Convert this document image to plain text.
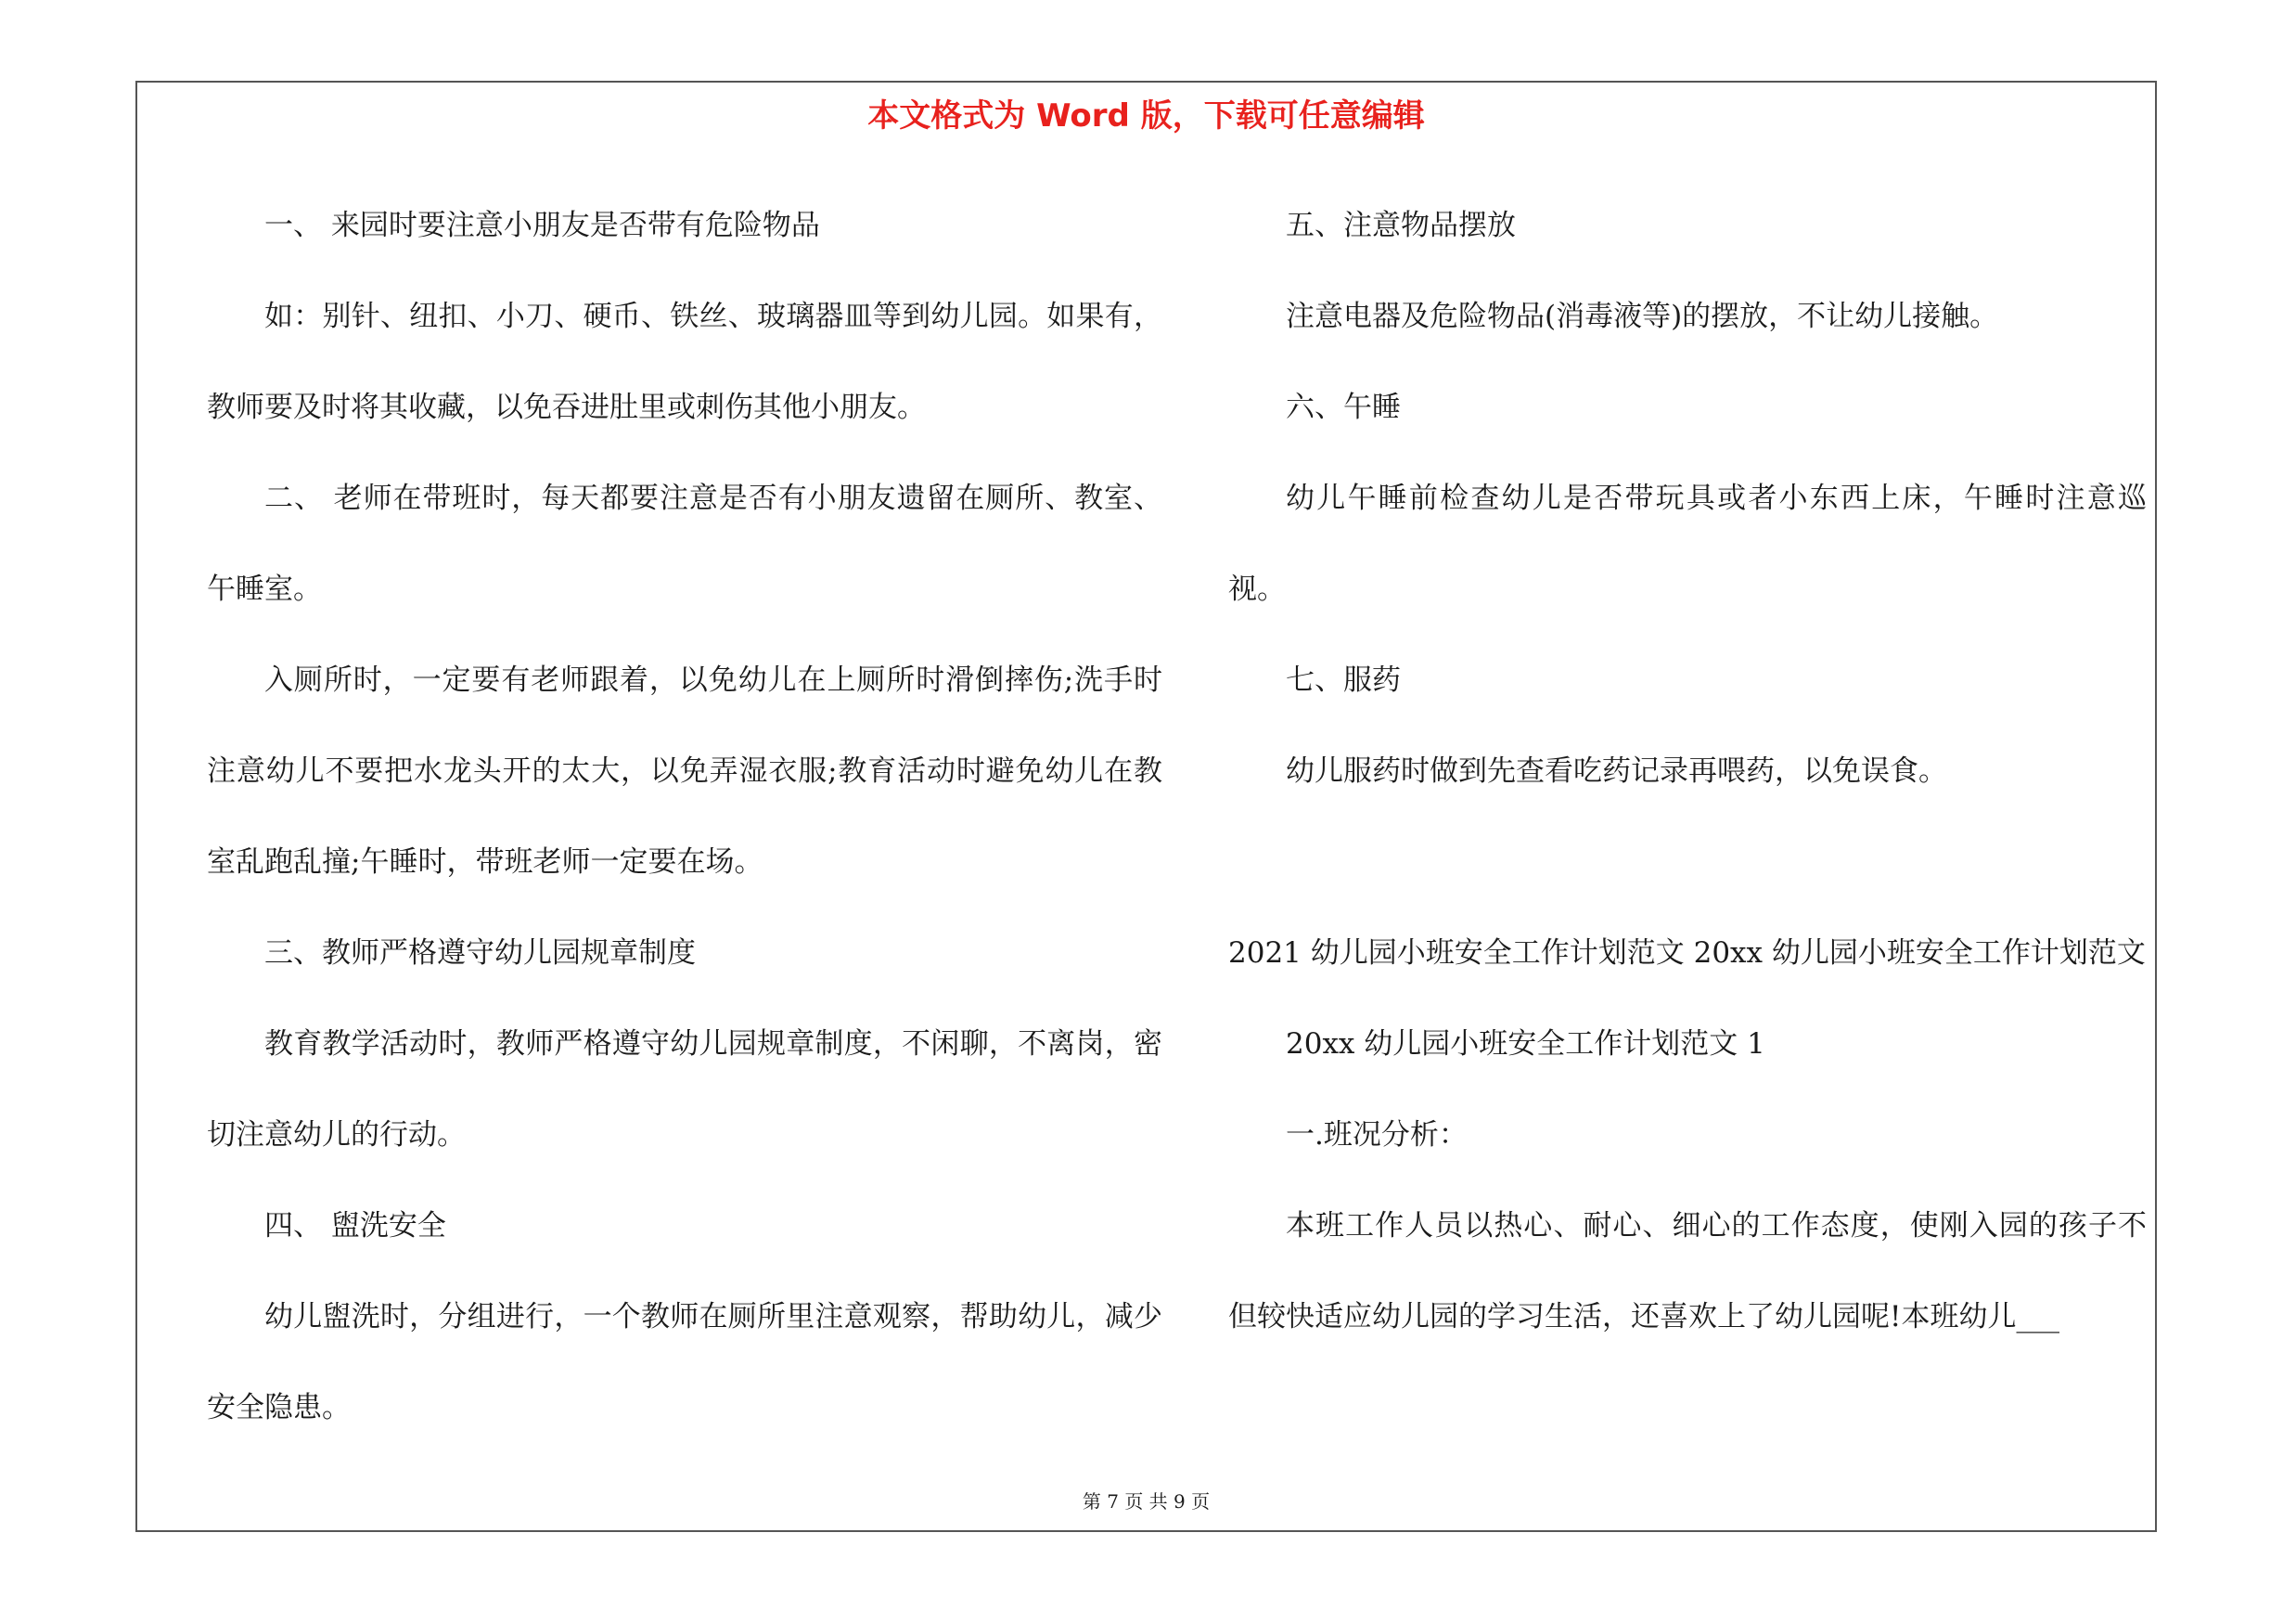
本文格式为 Word 版，下载可任意编辑

一、 来园时要注意小朋友是否带有危险物品

如：别针、纽扣、小刀、硬币、铁丝、玻璃器皿等到幼儿园。如果有，教师要及时将其收藏，以免吞进肚里或刺伤其他小朋友。

二、 老师在带班时，每天都要注意是否有小朋友遗留在厕所、教室、午睡室。

入厕所时，一定要有老师跟着，以免幼儿在上厕所时滑倒摔伤;洗手时注意幼儿不要把水龙头开的太大，以免弄湿衣服;教育活动时避免幼儿在教室乱跑乱撞;午睡时，带班老师一定要在场。

三、教师严格遵守幼儿园规章制度

教育教学活动时，教师严格遵守幼儿园规章制度，不闲聊，不离岗，密切注意幼儿的行动。

四、 盥洗安全

幼儿盥洗时，分组进行，一个教师在厕所里注意观察，帮助幼儿，减少安全隐患。

五、注意物品摆放

注意电器及危险物品(消毒液等)的摆放，不让幼儿接触。

六、午睡

幼儿午睡前检查幼儿是否带玩具或者小东西上床，午睡时注意巡视。

七、服药

幼儿服药时做到先查看吃药记录再喂药，以免误食。

2021 幼儿园小班安全工作计划范文 20xx 幼儿园小班安全工作计划范文

20xx 幼儿园小班安全工作计划范文 1

一.班况分析：

本班工作人员以热心、耐心、细心的工作态度，使刚入园的孩子不但较快适应幼儿园的学习生活，还喜欢上了幼儿园呢!本班幼儿___

第 7 页 共 9 页
